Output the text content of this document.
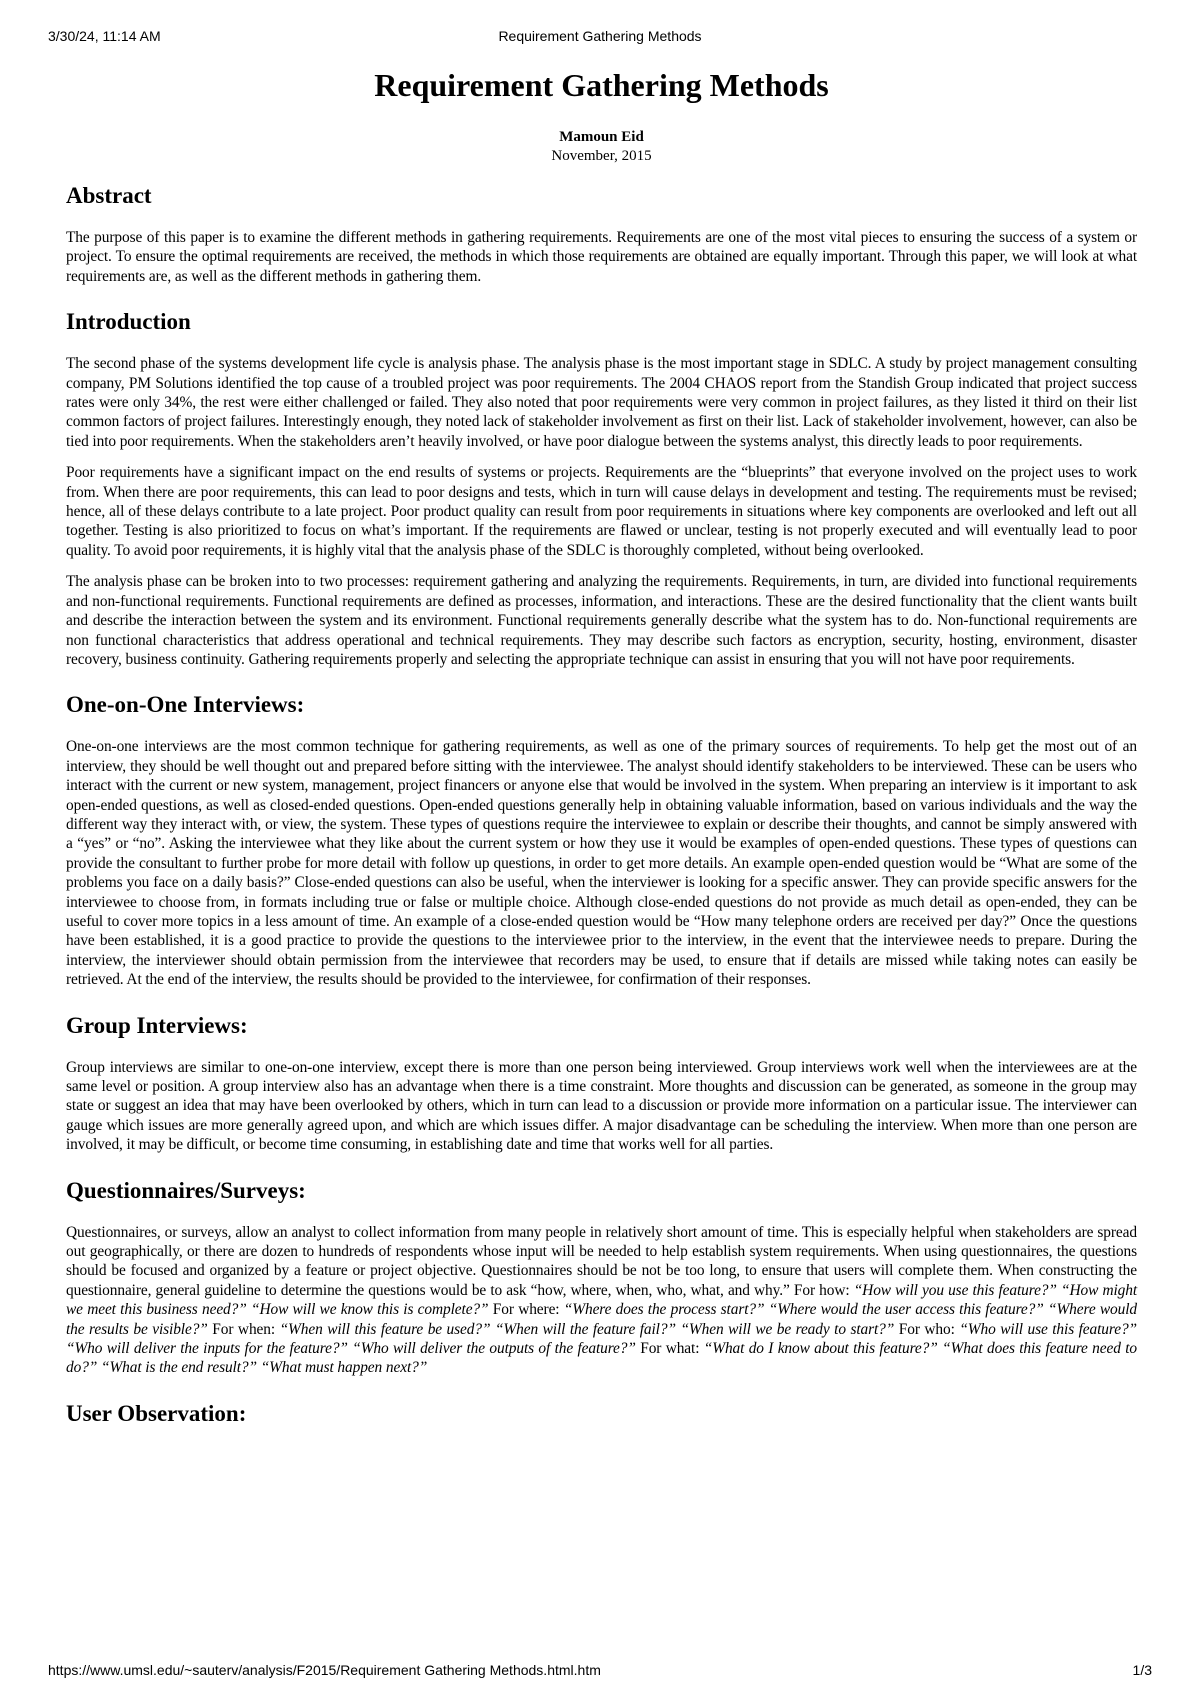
3/30/24, 11:14 AM	Requirement Gathering Methods
Requirement Gathering Methods
Mamoun Eid
November, 2015
Abstract

The purpose of this paper is to examine the different methods in gathering requirements. Requirements are one of the most vital pieces to ensuring the success of a system or project. To ensure the optimal requirements are received, the methods in which those requirements are obtained are equally important. Through this paper, we will look at what requirements are, as well as the different methods in gathering them.

Introduction

The second phase of the systems development life cycle is analysis phase. The analysis phase is the most important stage in SDLC. A study by project management consulting company, PM Solutions identified the top cause of a troubled project was poor requirements. The 2004 CHAOS report from the Standish Group indicated that project success rates were only 34%, the rest were either challenged or failed. They also noted that poor requirements were very common in project failures, as they listed it third on their list common factors of project failures. Interestingly enough, they noted lack of stakeholder involvement as first on their list. Lack of stakeholder involvement, however, can also be tied into poor requirements. When the stakeholders aren’t heavily involved, or have poor dialogue between the systems analyst, this directly leads to poor requirements.

Poor requirements have a significant impact on the end results of systems or projects. Requirements are the “blueprints” that everyone involved on the project uses to work from. When there are poor requirements, this can lead to poor designs and tests, which in turn will cause delays in development and testing. The requirements must be revised; hence, all of these delays contribute to a late project. Poor product quality can result from poor requirements in situations where key components are overlooked and left out all together. Testing is also prioritized to focus on what’s important. If the requirements are flawed or unclear, testing is not properly executed and will eventually lead to poor quality. To avoid poor requirements, it is highly vital that the analysis phase of the SDLC is thoroughly completed, without being overlooked.

The analysis phase can be broken into to two processes: requirement gathering and analyzing the requirements. Requirements, in turn, are divided into functional requirements and non-functional requirements. Functional requirements are defined as processes, information, and interactions. These are the desired functionality that the client wants built and describe the interaction between the system and its environment. Functional requirements generally describe what the system has to do. Non-functional requirements are non functional characteristics that address operational and technical requirements. They may describe such factors as encryption, security, hosting, environment, disaster recovery, business continuity. Gathering requirements properly and selecting the appropriate technique can assist in ensuring that you will not have poor requirements.

One-on-One Interviews:

One-on-one interviews are the most common technique for gathering requirements, as well as one of the primary sources of requirements. To help get the most out of an interview, they should be well thought out and prepared before sitting with the interviewee. The analyst should identify stakeholders to be interviewed. These can be users who interact with the current or new system, management, project financers or anyone else that would be involved in the system. When preparing an interview is it important to ask open-ended questions, as well as closed-ended questions. Open-ended questions generally help in obtaining valuable information, based on various individuals and the way the different way they interact with, or view, the system. These types of questions require the interviewee to explain or describe their thoughts, and cannot be simply answered with a “yes” or “no”. Asking the interviewee what they like about the current system or how they use it would be examples of open-ended questions. These types of questions can provide the consultant to further probe for more detail with follow up questions, in order to get more details. An example open-ended question would be “What are some of the problems you face on a daily basis?” Close-ended questions can also be useful, when the interviewer is looking for a specific answer. They can provide specific answers for the interviewee to choose from, in formats including true or false or multiple choice. Although close-ended questions do not provide as much detail as open-ended, they can be useful to cover more topics in a less amount of time. An example of a close-ended question would be “How many telephone orders are received per day?” Once the questions have been established, it is a good practice to provide the questions to the interviewee prior to the interview, in the event that the interviewee needs to prepare. During the interview, the interviewer should obtain permission from the interviewee that recorders may be used, to ensure that if details are missed while taking notes can easily be retrieved. At the end of the interview, the results should be provided to the interviewee, for confirmation of their responses.

Group Interviews:

Group interviews are similar to one-on-one interview, except there is more than one person being interviewed. Group interviews work well when the interviewees are at the same level or position. A group interview also has an advantage when there is a time constraint. More thoughts and discussion can be generated, as someone in the group may state or suggest an idea that may have been overlooked by others, which in turn can lead to a discussion or provide more information on a particular issue. The interviewer can gauge which issues are more generally agreed upon, and which are which issues differ. A major disadvantage can be scheduling the interview. When more than one person are involved, it may be difficult, or become time consuming, in establishing date and time that works well for all parties.

Questionnaires/Surveys:

Questionnaires, or surveys, allow an analyst to collect information from many people in relatively short amount of time. This is especially helpful when stakeholders are spread out geographically, or there are dozen to hundreds of respondents whose input will be needed to help establish system requirements. When using questionnaires, the questions should be focused and organized by a feature or project objective. Questionnaires should be not be too long, to ensure that users will complete them. When constructing the questionnaire, general guideline to determine the questions would be to ask “how, where, when, who, what, and why.” For how: “How will you use this feature?” “How might we meet this business need?” “How will we know this is complete?” For where: “Where does the process start?” “Where would the user access this feature?” “Where would the results be visible?” For when: “When will this feature be used?” “When will the feature fail?” “When will we be ready to start?” For who: “Who will use this feature?” “Who will deliver the inputs for the feature?” “Who will deliver the outputs of the feature?” For what: “What do I know about this feature?” “What does this feature need to do?” “What is the end result?” “What must happen next?”

User Observation:
https://www.umsl.edu/~sauterv/analysis/F2015/Requirement Gathering Methods.html.htm	1/3
